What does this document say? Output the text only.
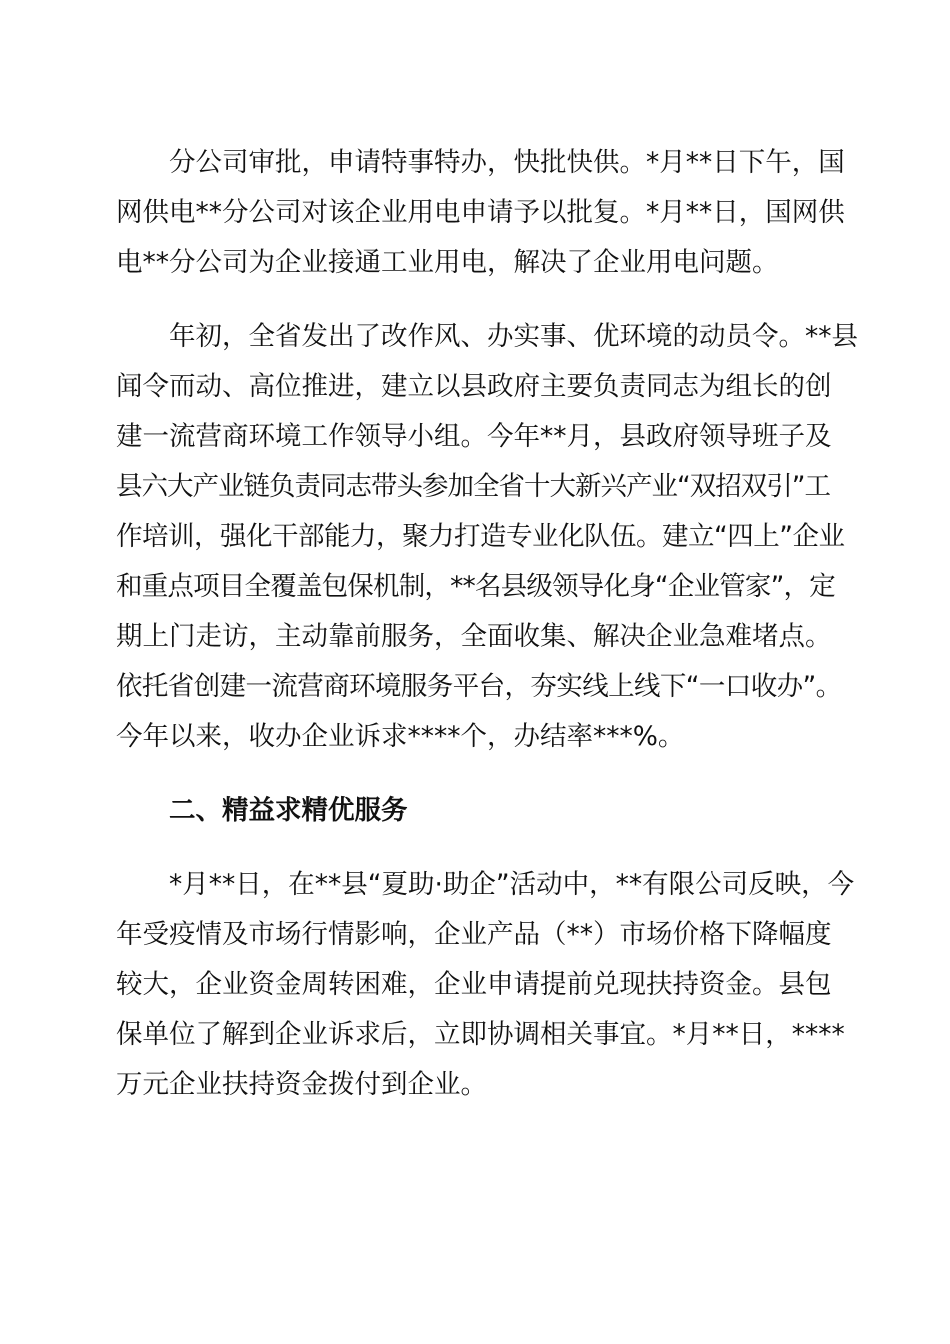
分公司审批，申请特事特办，快批快供。*月**日下午，国
网供电**分公司对该企业用电申请予以批复。*月**日，国网供
电**分公司为企业接通工业用电，解决了企业用电问题。
年初，全省发出了改作风、办实事、优环境的动员令。**县
闻令而动、高位推进，建立以县政府主要负责同志为组长的创
建一流营商环境工作领导小组。今年**月，县政府领导班子及
县六大产业链负责同志带头参加全省十大新兴产业“双招双引”工
作培训，强化干部能力，聚力打造专业化队伍。建立“四上”企业
和重点项目全覆盖包保机制，**名县级领导化身“企业管家”，定
期上门走访，主动靠前服务，全面收集、解决企业急难堵点。
依托省创建一流营商环境服务平台，夯实线上线下“一口收办”。
今年以来，收办企业诉求****个，办结率***%。
二、精益求精优服务
*月**日，在**县“夏助·助企”活动中，**有限公司反映，今
年受疫情及市场行情影响，企业产品（**）市场价格下降幅度
较大，企业资金周转困难，企业申请提前兑现扶持资金。县包
保单位了解到企业诉求后，立即协调相关事宜。*月**日，****
万元企业扶持资金拨付到企业。
